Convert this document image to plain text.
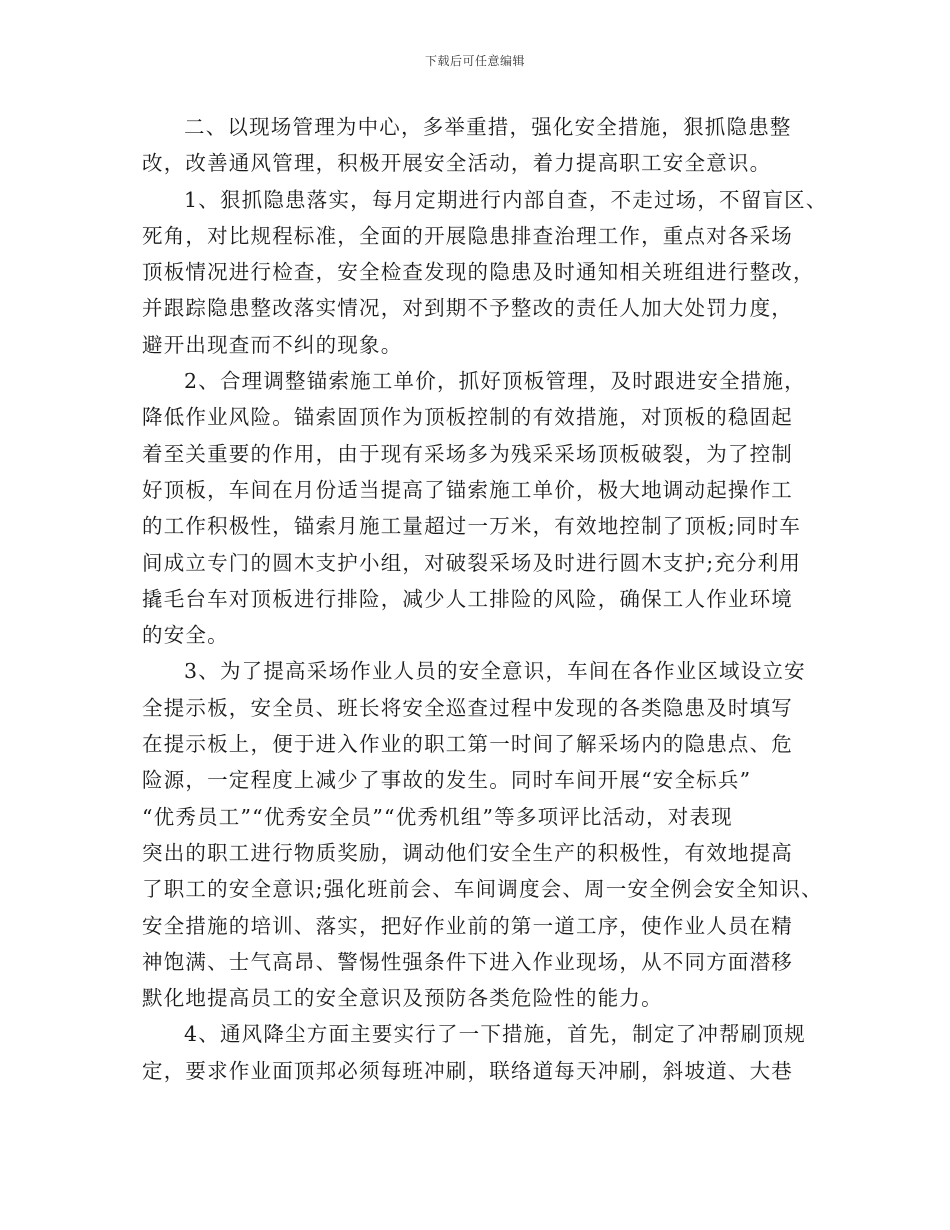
下载后可任意编辑
二、以现场管理为中心，多举重措，强化安全措施，狠抓隐患整
改，改善通风管理，积极开展安全活动，着力提高职工安全意识。
1、狠抓隐患落实，每月定期进行内部自查，不走过场，不留盲区、
死角，对比规程标准，全面的开展隐患排查治理工作，重点对各采场
顶板情况进行检查，安全检查发现的隐患及时通知相关班组进行整改，
并跟踪隐患整改落实情况，对到期不予整改的责任人加大处罚力度，
避开出现查而不纠的现象。
2、合理调整锚索施工单价，抓好顶板管理，及时跟进安全措施，
降低作业风险。锚索固顶作为顶板控制的有效措施，对顶板的稳固起
着至关重要的作用，由于现有采场多为残采采场顶板破裂，为了控制
好顶板，车间在月份适当提高了锚索施工单价，极大地调动起操作工
的工作积极性，锚索月施工量超过一万米，有效地控制了顶板;同时车
间成立专门的圆木支护小组，对破裂采场及时进行圆木支护;充分利用
撬毛台车对顶板进行排险，减少人工排险的风险，确保工人作业环境
的安全。
3、为了提高采场作业人员的安全意识，车间在各作业区域设立安
全提示板，安全员、班长将安全巡查过程中发现的各类隐患及时填写
在提示板上，便于进入作业的职工第一时间了解采场内的隐患点、危
险源，一定程度上减少了事故的发生。同时车间开展“安全标兵”
“优秀员工”“优秀安全员”“优秀机组”等多项评比活动，对表现
突出的职工进行物质奖励，调动他们安全生产的积极性，有效地提高
了职工的安全意识;强化班前会、车间调度会、周一安全例会安全知识、
安全措施的培训、落实，把好作业前的第一道工序，使作业人员在精
神饱满、士气高昂、警惕性强条件下进入作业现场，从不同方面潜移
默化地提高员工的安全意识及预防各类危险性的能力。
4、通风降尘方面主要实行了一下措施，首先，制定了冲帮刷顶规
定，要求作业面顶邦必须每班冲刷，联络道每天冲刷，斜坡道、大巷
